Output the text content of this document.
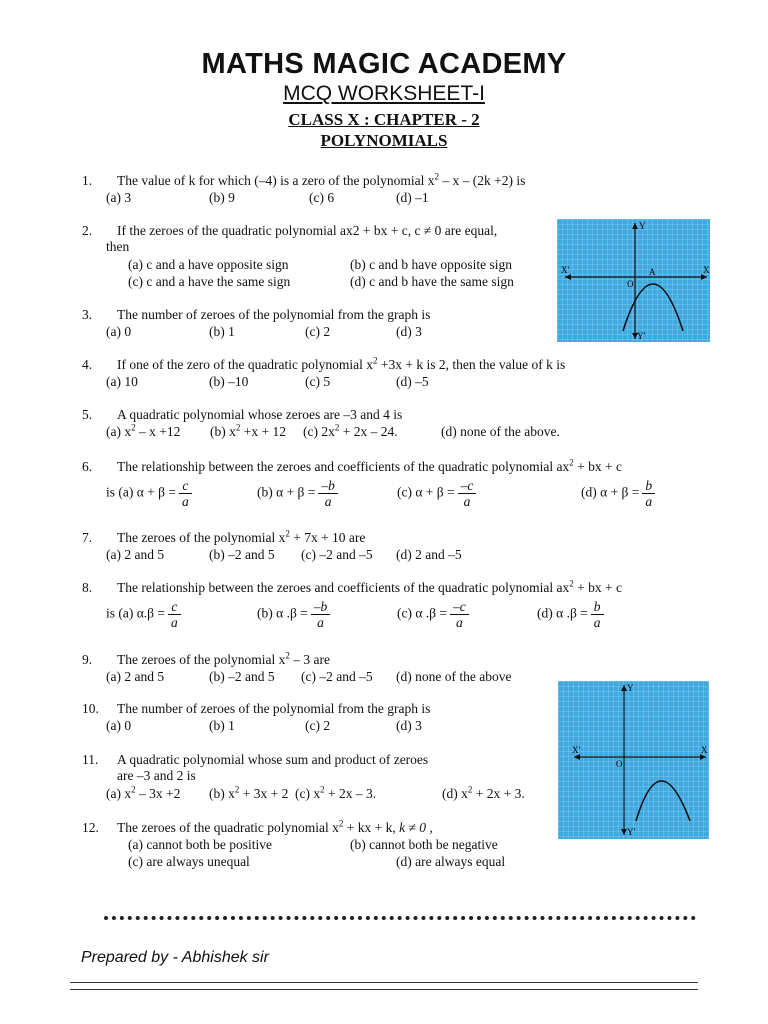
MATHS MAGIC ACADEMY
MCQ WORKSHEET-I
CLASS X : CHAPTER - 2
POLYNOMIALS
1. The value of k for which (–4) is a zero of the polynomial $x^2 - x - (2k +2)$ is
(a) 3	(b) 9	(c) 6	(d) –1
2. If the zeroes of the quadratic polynomial ax2 + bx + c, c ≠ 0 are equal,
then
(a) c and a have opposite sign	(b) c and b have opposite sign
(c) c and a have the same sign	(d) c and b have the same sign
Y
X
X'
Y'
O
A
3. The number of zeroes of the polynomial from the graph is
(a) 0	(b) 1	(c) 2	(d) 3
4. If one of the zero of the quadratic polynomial $x^2 +3x + k$ is 2, then the value of k is
(a) 10	(b) –10	(c) 5	(d) –5
5. A quadratic polynomial whose zeroes are –3 and 4 is
(a) $x^2 - x +12$ (b) $x^2 +x + 12$ (c) $2x^2 + 2x - 24$.	(d) none of the above.
6. The relationship between the zeroes and coefficients of the quadratic polynomial $ax^2$ + bx + c
is (a) $\alpha + \beta = \frac{c}{a}$	(b) $\alpha + \beta = \frac{-b}{a}$	(c) $\alpha + \beta = \frac{-c}{a}$	(d) $\alpha + \beta = \frac{b}{a}$
7. The zeroes of the polynomial $x^2 + 7x + 10$ are
(a) 2 and 5	(b) –2 and 5 (c) –2 and –5 (d) 2 and –5
8. The relationship between the zeroes and coefficients of the quadratic polynomial $ax^2$ + bx + c
is (a) $\alpha.\beta = \frac{c}{a}$	(b) α $.\beta = \frac{-b}{a}$	(c) α $.\beta = \frac{-c}{a}$	(d) α $.\beta = \frac{b}{a}$
9. The zeroes of the polynomial $x^2 - 3$ are
(a) 2 and 5	(b) –2 and 5 (c) –2 and –5 (d) none of the above
Y
X
X'
Y'
O
10. The number of zeroes of the polynomial from the graph is
(a) 0	(b) 1	(c) 2	(d) 3
11. A quadratic polynomial whose sum and product of zeroes
are –3 and 2 is
(a) $x^2 - 3x +2$ (b) $x^2 + 3x + 2$ (c) $x^2 + 2x - 3$.	(d) $x^2 + 2x + 3$.
12. The zeroes of the quadratic polynomial $x^2$ + kx + k, k ≠ 0 ,
(a) cannot both be positive	(b) cannot both be negative
(c) are always unequal	(d) are always equal
Prepared by - Abhishek sir
